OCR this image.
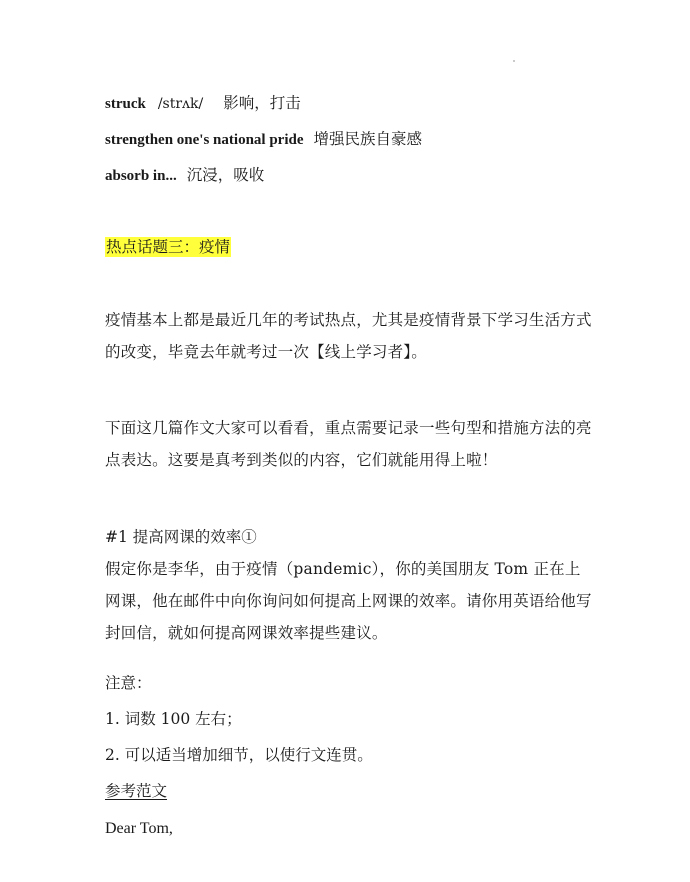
struck /strʌk/ 影响，打击
strengthen one's national pride 增强民族自豪感
absorb in... 沉浸，吸收
热点话题三：疫情
疫情基本上都是最近几年的考试热点，尤其是疫情背景下学习生活方式的改变，毕竟去年就考过一次【线上学习者】。
下面这几篇作文大家可以看看，重点需要记录一些句型和措施方法的亮点表达。这要是真考到类似的内容，它们就能用得上啦！
#1 提高网课的效率①
假定你是李华，由于疫情（pandemic），你的美国朋友 Tom 正在上网课，他在邮件中向你询问如何提高上网课的效率。请你用英语给他写封回信，就如何提高网课效率提些建议。
注意：
1. 词数 100 左右；
2. 可以适当增加细节，以使行文连贯。
参考范文
Dear Tom,
